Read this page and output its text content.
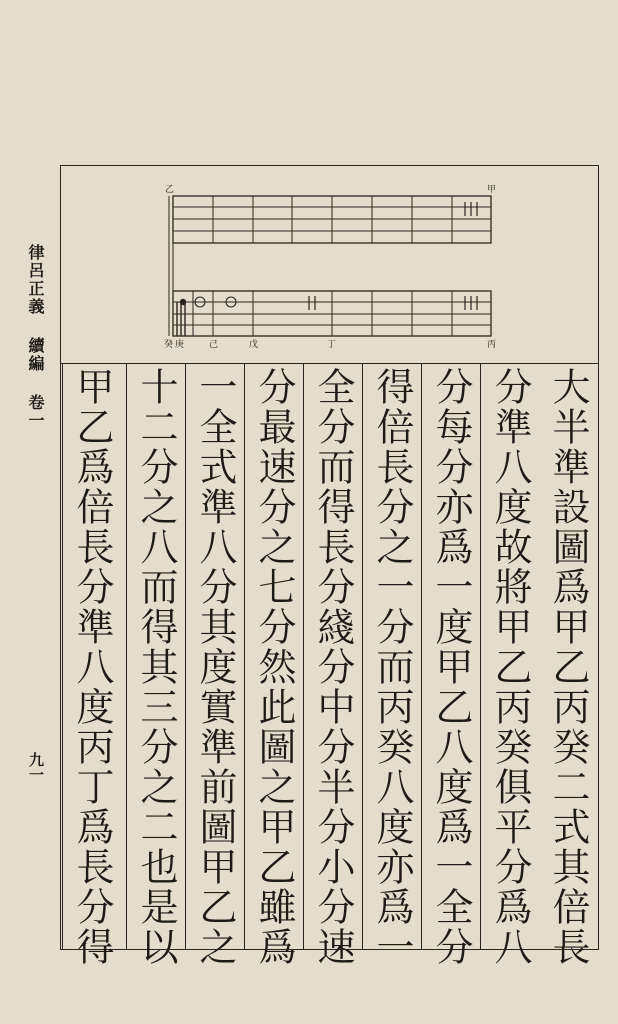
律呂正義 續編 卷一
九一
乙	甲
癸 庚	己	戊	丁	丙
大半準設圖爲甲乙丙癸二式其倍長
分準八度故將甲乙丙癸俱平分爲八
分每分亦爲一度甲乙八度爲一全分
得倍長分之一分而丙癸八度亦爲一
全分而得長分綫分中分半分小分速
分最速分之七分然此圖之甲乙雖爲
一全式準八分其度實準前圖甲乙之
十二分之八而得其三分之二也是以
甲乙爲倍長分準八度丙丁爲長分得
